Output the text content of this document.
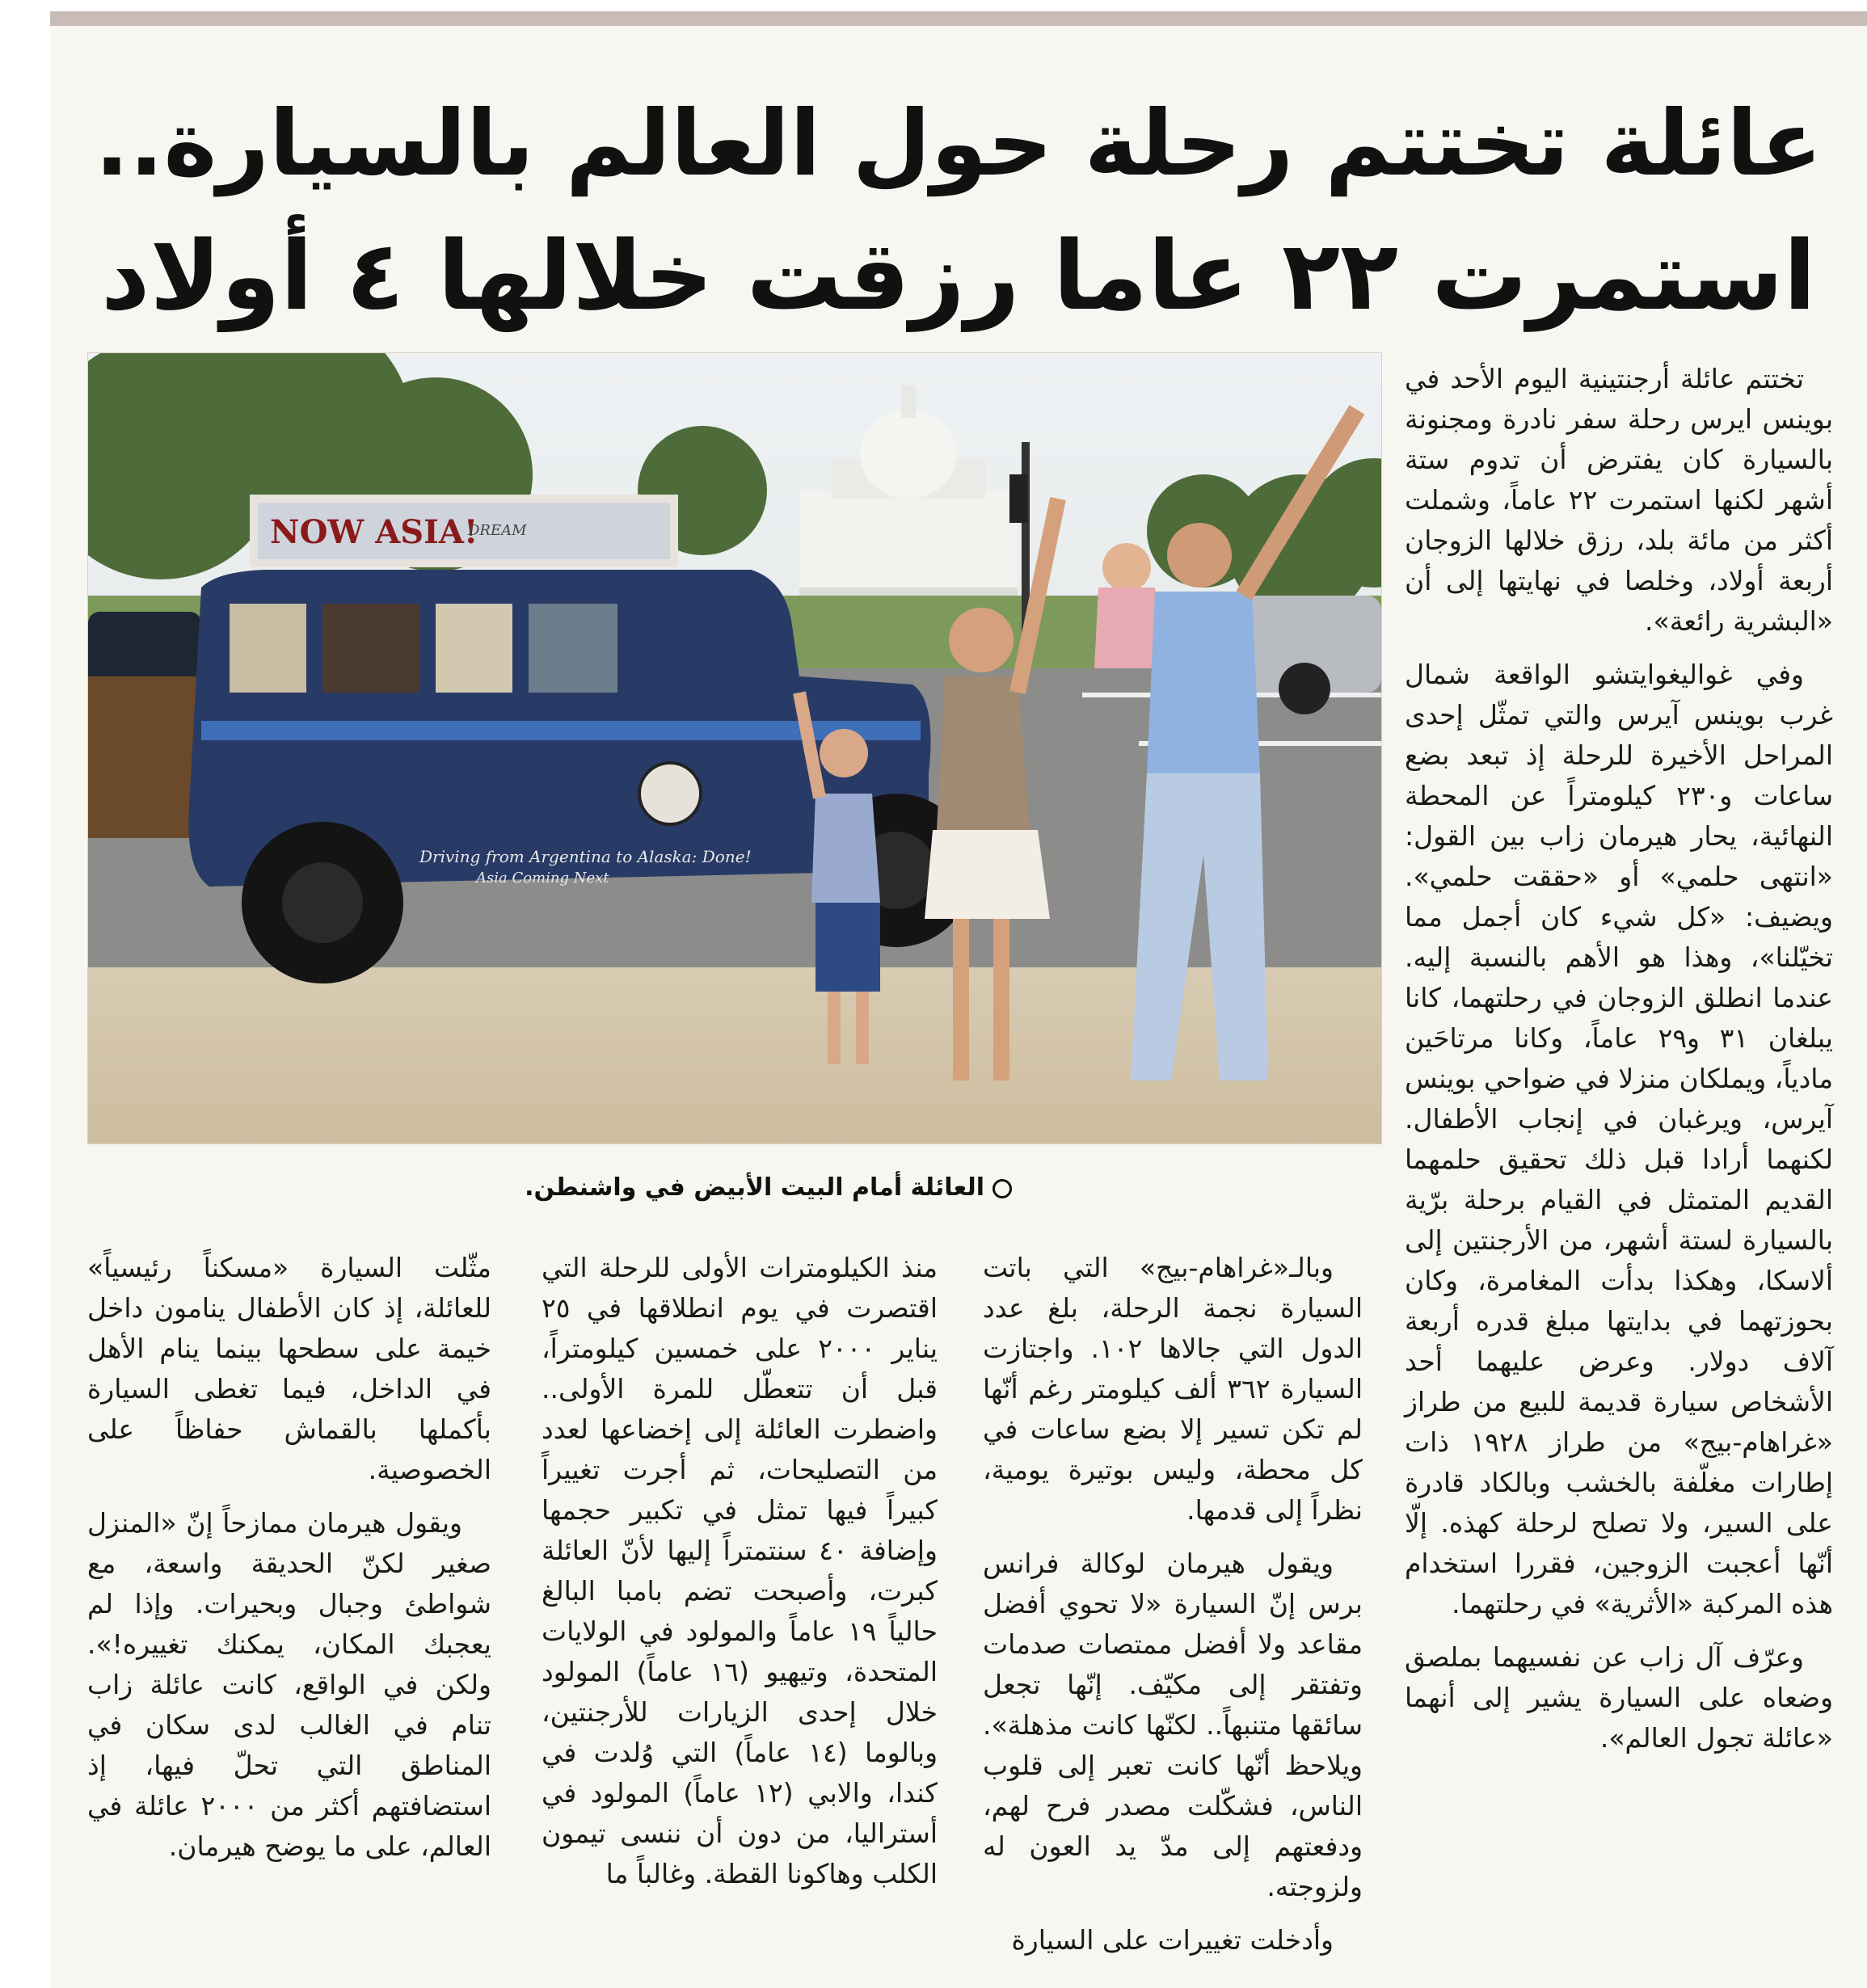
عائلة تختتم رحلة حول العالم بالسيارة..
استمرت ٢٢ عاما رزقت خلالها ٤ أولاد
NOW ASIA!
DREAM
Driving from Argentina to Alaska: Done!
Asia Coming Next
العائلة أمام البيت الأبيض في واشنطن.

تختتم عائلة أرجنتينية اليوم الأحد في بوينس ايرس رحلة سفر نادرة ومجنونة بالسيارة كان يفترض أن تدوم ستة أشهر لكنها استمرت ٢٢ عاماً، وشملت أكثر من مائة بلد، رزق خلالها الزوجان أربعة أولاد، وخلصا في نهايتها إلى أن «البشرية رائعة».

وفي غواليغوايتشو الواقعة شمال غرب بوينس آيرس والتي تمثّل إحدى المراحل الأخيرة للرحلة إذ تبعد بضع ساعات و٢٣٠ كيلومتراً عن المحطة النهائية، يحار هيرمان زاب بين القول: «انتهى حلمي» أو «حققت حلمي». ويضيف: «كل شيء كان أجمل مما تخيّلنا»، وهذا هو الأهم بالنسبة إليه. عندما انطلق الزوجان في رحلتهما، كانا يبلغان ٣١ و٢٩ عاماً، وكانا مرتاحَين مادياً، ويملكان منزلا في ضواحي بوينس آيرس، ويرغبان في إنجاب الأطفال. لكنهما أرادا قبل ذلك تحقيق حلمهما القديم المتمثل في القيام برحلة برّية بالسيارة لستة أشهر، من الأرجنتين إلى ألاسكا، وهكذا بدأت المغامرة، وكان بحوزتهما في بدايتها مبلغ قدره أربعة آلاف دولار. وعرض عليهما أحد الأشخاص سيارة قديمة للبيع من طراز «غراهام-بيج» من طراز ١٩٢٨ ذات إطارات مغلّفة بالخشب وبالكاد قادرة على السير، ولا تصلح لرحلة كهذه. إلّا أنّها أعجبت الزوجين، فقررا استخدام هذه المركبة «الأثرية» في رحلتهما.

وعرّف آل زاب عن نفسيهما بملصق وضعاه على السيارة يشير إلى أنهما «عائلة تجول العالم».

وبالـ«غراهام-بيج» التي باتت السيارة نجمة الرحلة، بلغ عدد الدول التي جالاها ١٠٢. واجتازت السيارة ٣٦٢ ألف كيلومتر رغم أنّها لم تكن تسير إلا بضع ساعات في كل محطة، وليس بوتيرة يومية، نظراً إلى قدمها.

ويقول هيرمان لوكالة فرانس برس إنّ السيارة «لا تحوي أفضل مقاعد ولا أفضل ممتصات صدمات وتفتقر إلى مكيّف. إنّها تجعل سائقها متنبهاً.. لكنّها كانت مذهلة». ويلاحظ أنّها كانت تعبر إلى قلوب الناس، فشكّلت مصدر فرح لهم، ودفعتهم إلى مدّ يد العون له ولزوجته.

وأدخلت تغييرات على السيارة

منذ الكيلومترات الأولى للرحلة التي اقتصرت في يوم انطلاقها في ٢٥ يناير ٢٠٠٠ على خمسين كيلومتراً، قبل أن تتعطّل للمرة الأولى.. واضطرت العائلة إلى إخضاعها لعدد من التصليحات، ثم أجرت تغييراً كبيراً فيها تمثل في تكبير حجمها وإضافة ٤٠ سنتمتراً إليها لأنّ العائلة كبرت، وأصبحت تضم بامبا البالغ حالياً ١٩ عاماً والمولود في الولايات المتحدة، وتيهيو (١٦ عاماً) المولود خلال إحدى الزيارات للأرجنتين، وبالوما (١٤ عاماً) التي وُلدت في كندا، والابي (١٢ عاماً) المولود في أستراليا، من دون أن ننسى تيمون الكلب وهاكونا القطة. وغالباً ما

مثّلت السيارة «مسكناً رئيسياً» للعائلة، إذ كان الأطفال ينامون داخل خيمة على سطحها بينما ينام الأهل في الداخل، فيما تغطى السيارة بأكملها بالقماش حفاظاً على الخصوصية.

ويقول هيرمان ممازحاً إنّ «المنزل صغير لكنّ الحديقة واسعة، مع شواطئ وجبال وبحيرات. وإذا لم يعجبك المكان، يمكنك تغييره!». ولكن في الواقع، كانت عائلة زاب تنام في الغالب لدى سكان في المناطق التي تحلّ فيها، إذ استضافتهم أكثر من ٢٠٠٠ عائلة في العالم، على ما يوضح هيرمان.
